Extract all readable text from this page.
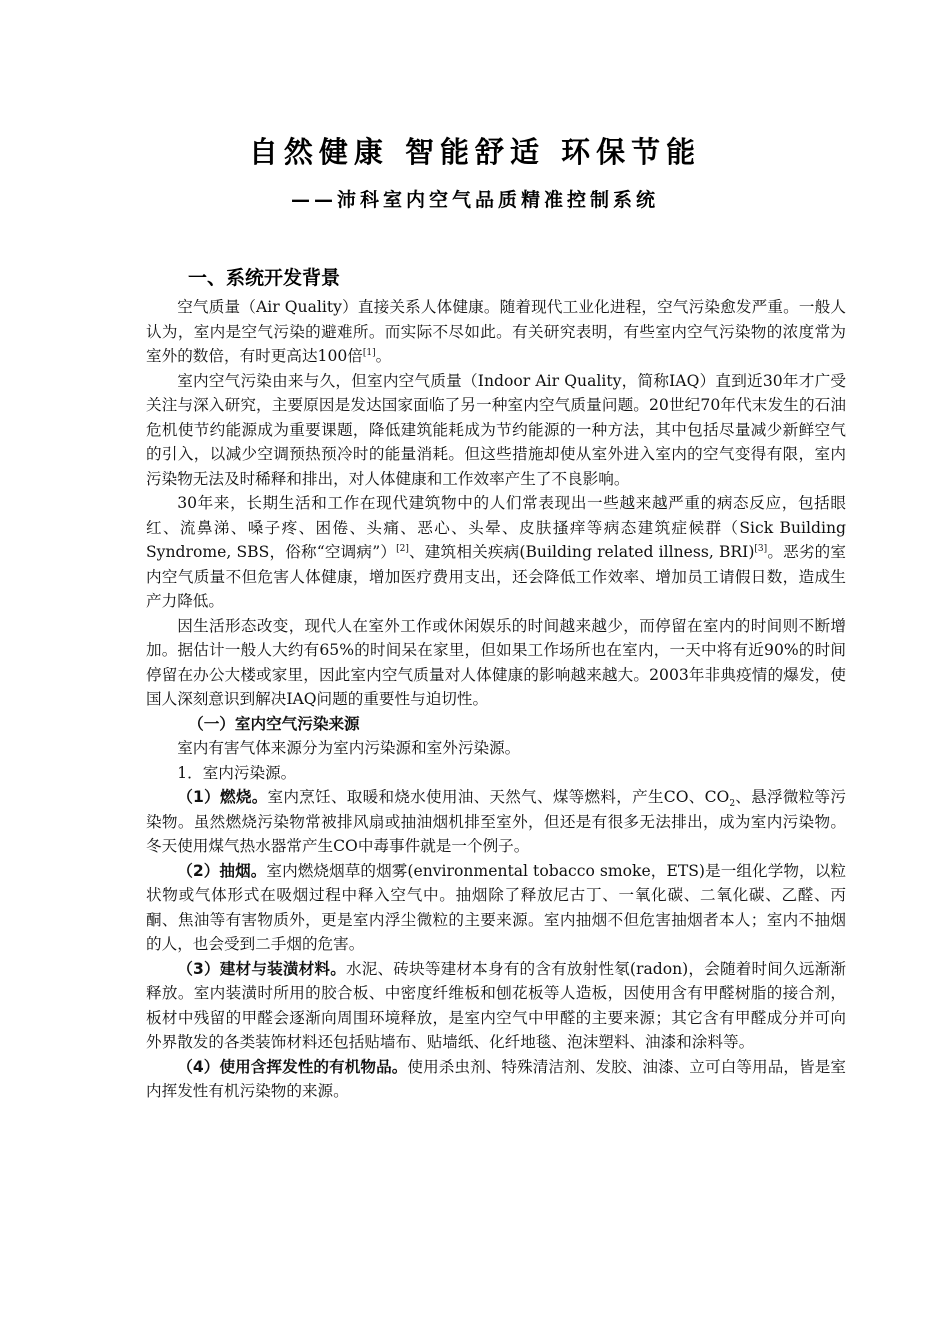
自然健康 智能舒适 环保节能
——沛科室内空气品质精准控制系统
一、系统开发背景

空气质量（Air Quality）直接关系人体健康。随着现代工业化进程，空气污染愈发严重。一般人认为，室内是空气污染的避难所。而实际不尽如此。有关研究表明，有些室内空气污染物的浓度常为室外的数倍，有时更高达100倍[1]。

室内空气污染由来与久，但室内空气质量（Indoor Air Quality，简称IAQ）直到近30年才广受关注与深入研究，主要原因是发达国家面临了另一种室内空气质量问题。20世纪70年代末发生的石油危机使节约能源成为重要课题，降低建筑能耗成为节约能源的一种方法，其中包括尽量减少新鲜空气的引入，以减少空调预热预冷时的能量消耗。但这些措施却使从室外进入室内的空气变得有限，室内污染物无法及时稀释和排出，对人体健康和工作效率产生了不良影响。

30年来，长期生活和工作在现代建筑物中的人们常表现出一些越来越严重的病态反应，包括眼红、流鼻涕、嗓子疼、困倦、头痛、恶心、头晕、皮肤搔痒等病态建筑症候群（Sick Building Syndrome, SBS，俗称“空调病”）[2]、建筑相关疾病(Building related illness, BRI)[3]。恶劣的室内空气质量不但危害人体健康，增加医疗费用支出，还会降低工作效率、增加员工请假日数，造成生产力降低。

因生活形态改变，现代人在室外工作或休闲娱乐的时间越来越少，而停留在室内的时间则不断增加。据估计一般人大约有65%的时间呆在家里，但如果工作场所也在室内，一天中将有近90%的时间停留在办公大楼或家里，因此室内空气质量对人体健康的影响越来越大。2003年非典疫情的爆发，使国人深刻意识到解决IAQ问题的重要性与迫切性。

（一）室内空气污染来源

室内有害气体来源分为室内污染源和室外污染源。

1．室内污染源。

（1）燃烧。室内烹饪、取暖和烧水使用油、天然气、煤等燃料，产生CO、$CO_2$、悬浮微粒等污染物。虽然燃烧污染物常被排风扇或抽油烟机排至室外，但还是有很多无法排出，成为室内污染物。冬天使用煤气热水器常产生CO中毒事件就是一个例子。

（2）抽烟。室内燃烧烟草的烟雾(environmental tobacco smoke，ETS)是一组化学物，以粒状物或气体形式在吸烟过程中释入空气中。抽烟除了释放尼古丁、一氧化碳、二氧化碳、乙醛、丙酮、焦油等有害物质外，更是室内浮尘微粒的主要来源。室内抽烟不但危害抽烟者本人；室内不抽烟的人，也会受到二手烟的危害。

（3）建材与装潢材料。水泥、砖块等建材本身有的含有放射性氡(radon)，会随着时间久远渐渐释放。室内装潢时所用的胶合板、中密度纤维板和刨花板等人造板，因使用含有甲醛树脂的接合剂，板材中残留的甲醛会逐渐向周围环境释放，是室内空气中甲醛的主要来源；其它含有甲醛成分并可向外界散发的各类装饰材料还包括贴墙布、贴墙纸、化纤地毯、泡沫塑料、油漆和涂料等。

（4）使用含挥发性的有机物品。使用杀虫剂、特殊清洁剂、发胶、油漆、立可白等用品，皆是室内挥发性有机污染物的来源。
